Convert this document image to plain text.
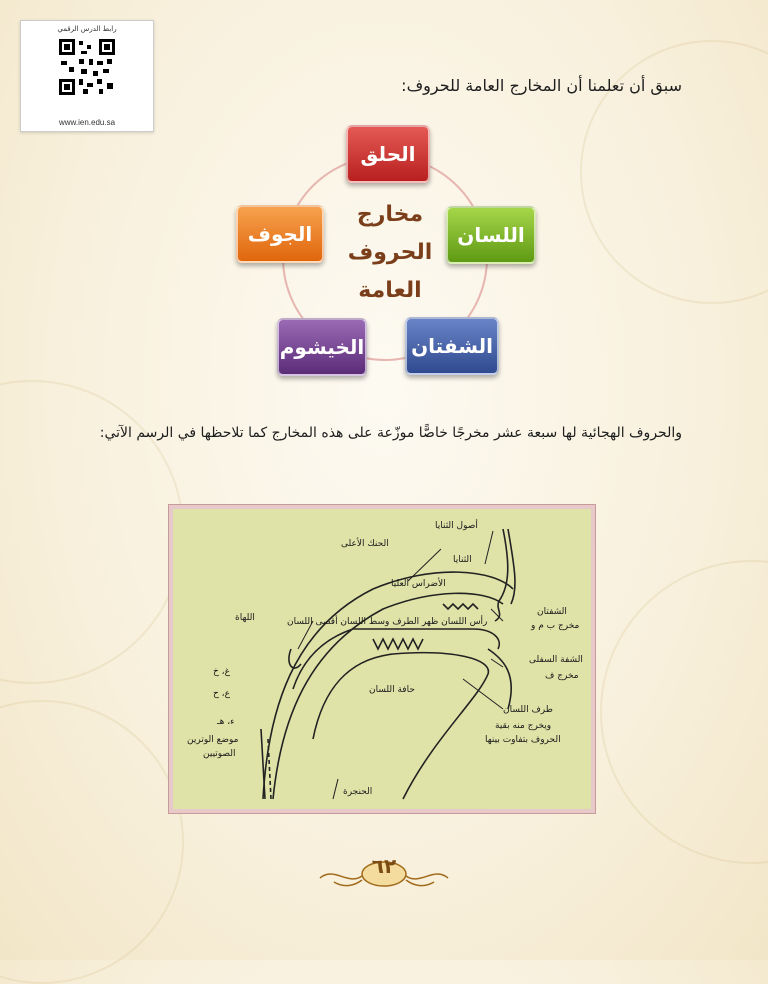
رابط الدرس الرقمي
www.ien.edu.sa
سبق أن تعلمنا أن المخارج العامة للحروف:
مخارج
الحروف
العامة
الحلق
اللسان
الجوف
الشفتان
الخيشوم
والحروف الهجائية لها سبعة عشر مخرجًا خاصًّا موزّعة على هذه المخارج كما تلاحظها في الرسم الآتي:
أصول الثنايا
الحنك الأعلى
الثنايا
الأضراس العليا
اللهاة	رأس اللسان ظهر الطرف وسط اللسان أقصى اللسان
الشفتان
مخرج ب م و
الشفة السفلى
مخرج ف
حافة اللسان
طرف اللسان
ويخرج منه بقية
الحروف بتفاوت بينها
غ، خ
ع، ح
ء، هـ
موضع الوترين
الصوتيين
الحنجرة
٦٢
